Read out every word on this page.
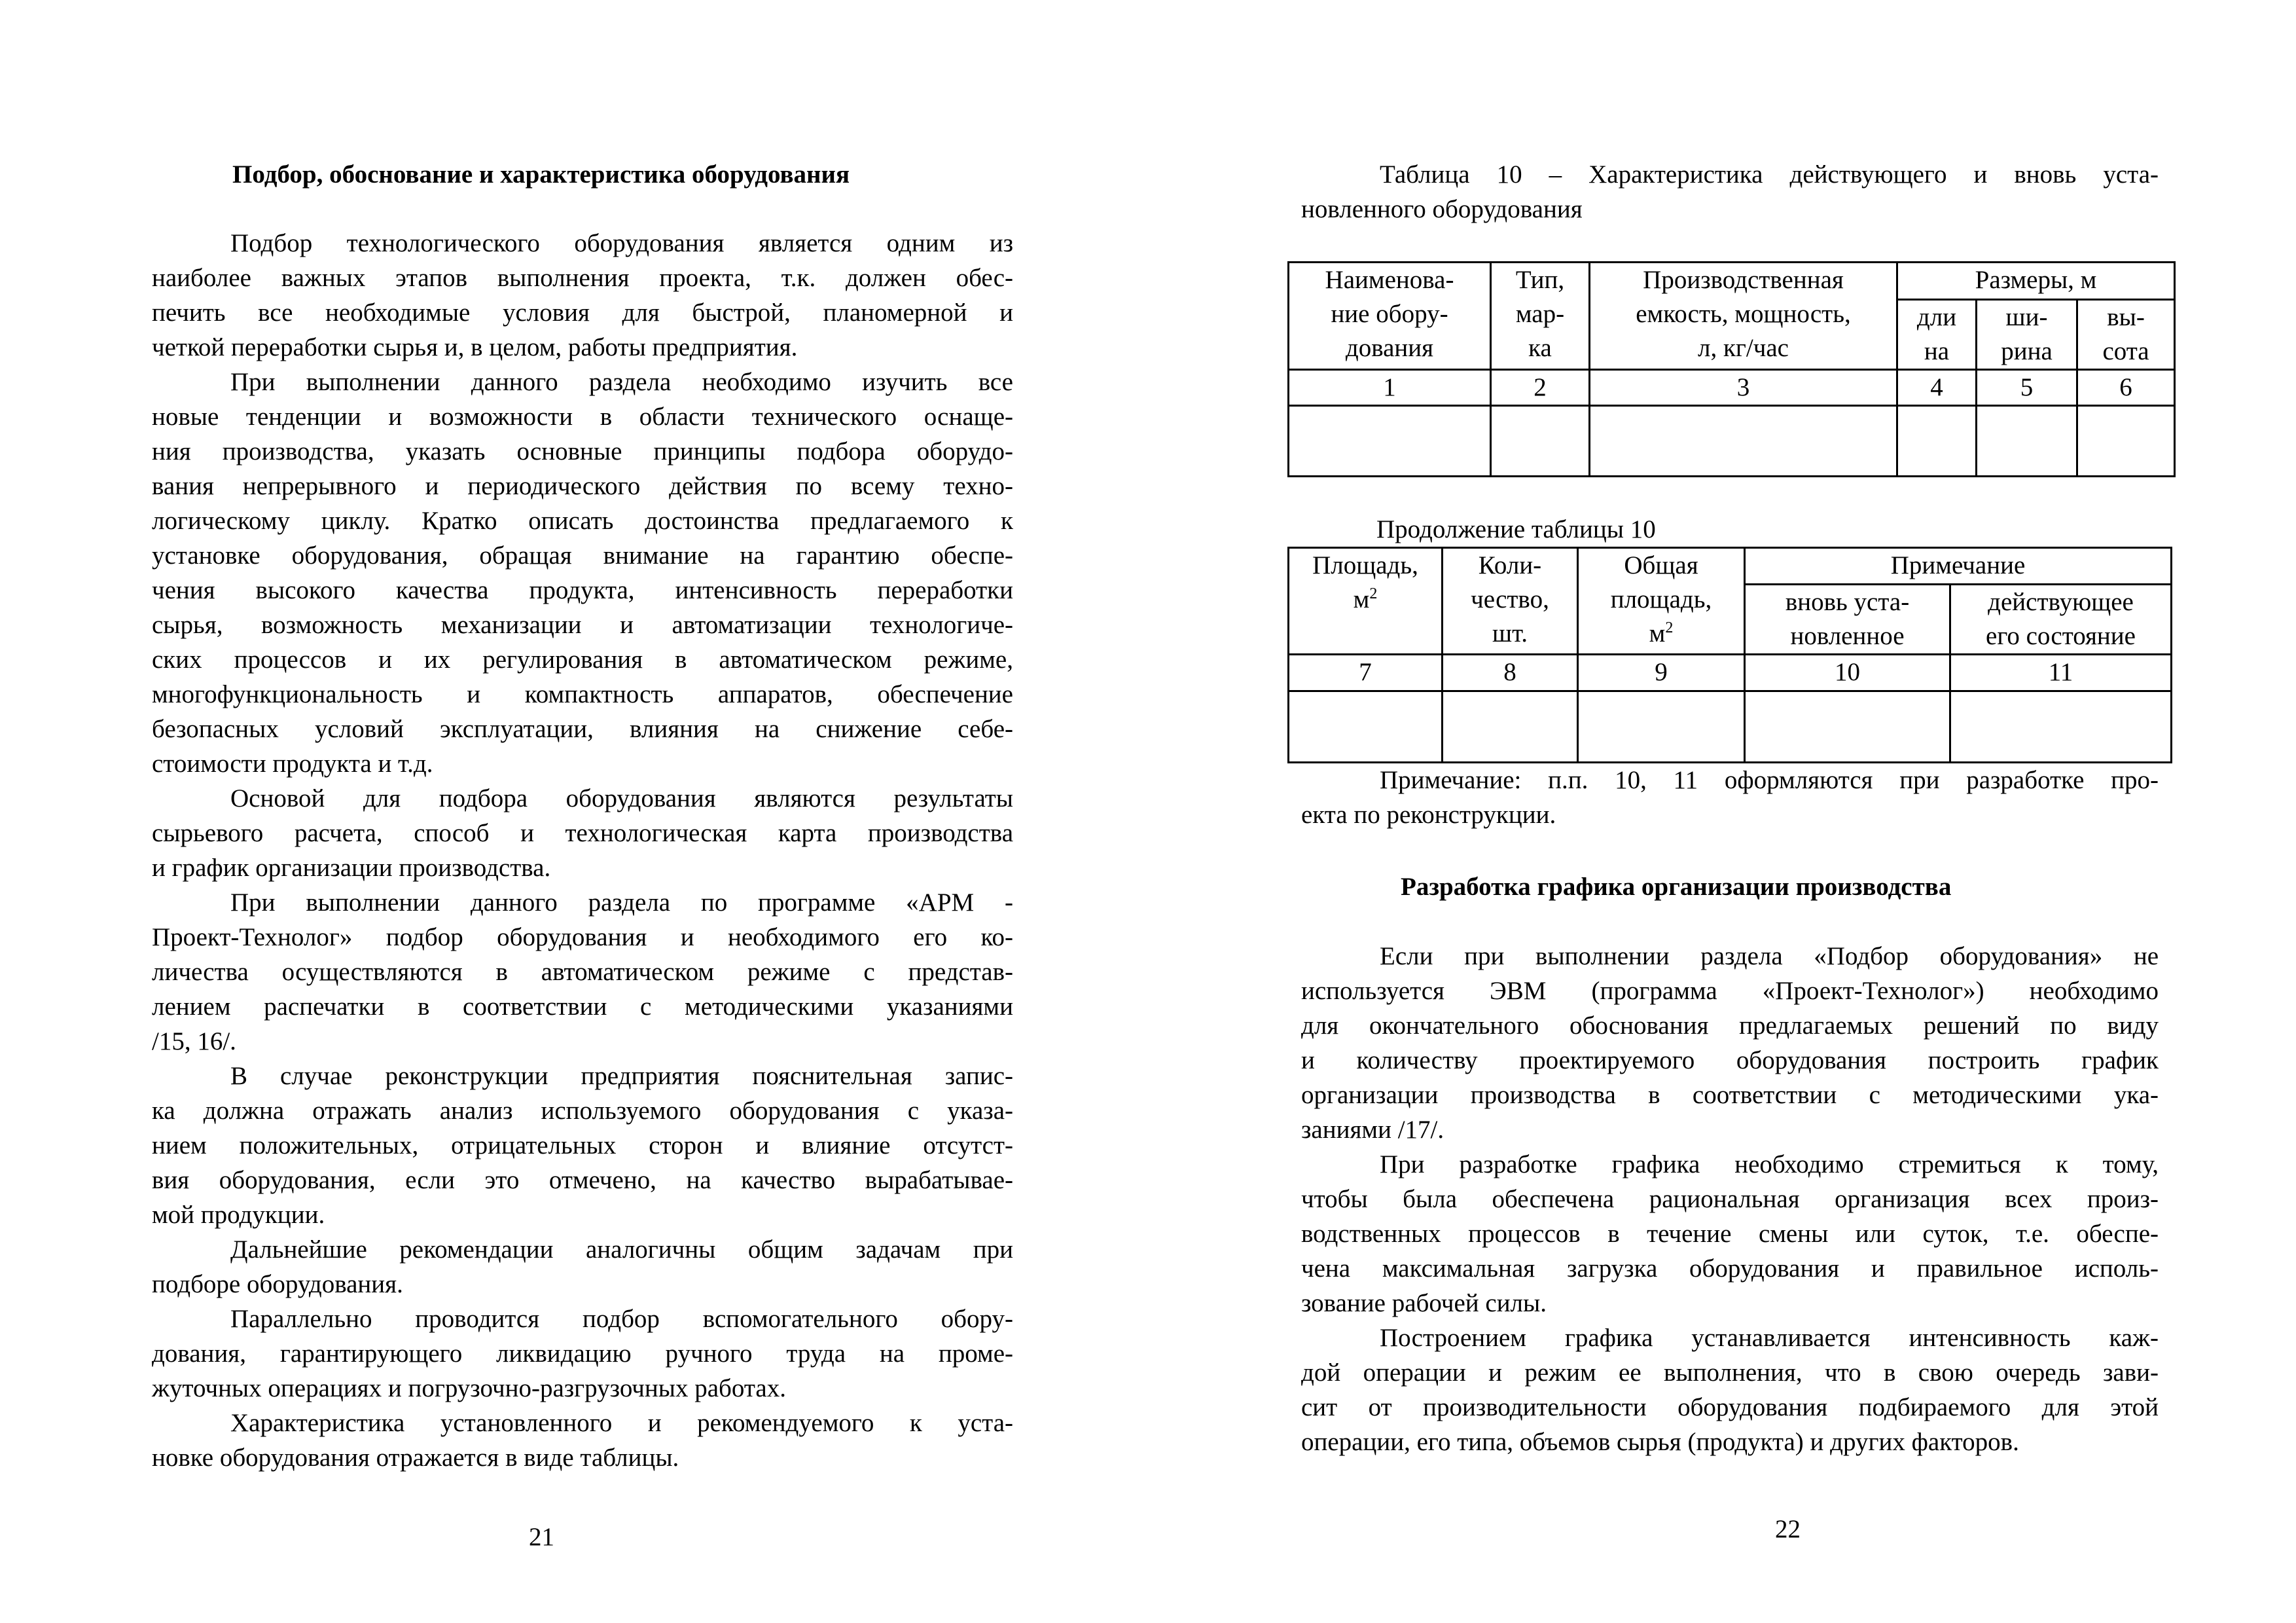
Подбор, обоснование и характеристика оборудования
Подбор технологического оборудования является одним из
наиболее важных этапов выполнения проекта, т.к. должен обес-
печить все необходимые условия для быстрой, планомерной и
четкой переработки сырья и, в целом, работы предприятия.
При выполнении данного раздела необходимо изучить все
новые тенденции и возможности в области технического оснаще-
ния производства, указать основные принципы подбора оборудо-
вания непрерывного и периодического действия по всему техно-
логическому циклу. Кратко описать достоинства предлагаемого к
установке оборудования, обращая внимание на гарантию обеспе-
чения высокого качества продукта, интенсивность переработки
сырья, возможность механизации и автоматизации технологиче-
ских процессов и их регулирования в автоматическом режиме,
многофункциональность и компактность аппаратов, обеспечение
безопасных условий эксплуатации, влияния на снижение себе-
стоимости продукта и т.д.
Основой для подбора оборудования являются результаты
сырьевого расчета, способ и технологическая карта производства
и график организации производства.
При выполнении данного раздела по программе «АРМ -
Проект-Технолог» подбор оборудования и необходимого его ко-
личества осуществляются в автоматическом режиме с представ-
лением распечатки в соответствии с методическими указаниями
/15, 16/.
В случае реконструкции предприятия пояснительная запис-
ка должна отражать анализ используемого оборудования с указа-
нием положительных, отрицательных сторон и влияние отсутст-
вия оборудования, если это отмечено, на качество вырабатывае-
мой продукции.
Дальнейшие рекомендации аналогичны общим задачам при
подборе оборудования.
Параллельно проводится подбор вспомогательного обору-
дования, гарантирующего ликвидацию ручного труда на проме-
жуточных операциях и погрузочно-разгрузочных работах.
Характеристика установленного и рекомендуемого к уста-
новке оборудования отражается в виде таблицы.
21
Таблица 10 – Характеристика действующего и вновь уста-
новленного оборудования
Наименова-
ние обору-
дования	Тип,
мар-
ка	Производственная
емкость, мощность,
л, кг/час	Размеры, м		
			дли
на	ши-
рина	вы-
сота
1	2	3	4	5	6

Продолжение таблицы 10
Площадь,
$м^2$	Коли-
чество,
шт.	Общая
площадь,
$м^2$	Примечание	
			вновь уста-
новленное	действующее
его состояние
7	8	9	10	11

Примечание: п.п. 10, 11 оформляются при разработке про-
екта по реконструкции.
Разработка графика организации производства
Если при выполнении раздела «Подбор оборудования» не
используется ЭВМ (программа «Проект-Технолог») необходимо
для окончательного обоснования предлагаемых решений по виду
и количеству проектируемого оборудования построить график
организации производства в соответствии с методическими ука-
заниями /17/.
При разработке графика необходимо стремиться к тому,
чтобы была обеспечена рациональная организация всех произ-
водственных процессов в течение смены или суток, т.е. обеспе-
чена максимальная загрузка оборудования и правильное исполь-
зование рабочей силы.
Построением графика устанавливается интенсивность каж-
дой операции и режим ее выполнения, что в свою очередь зави-
сит от производительности оборудования подбираемого для этой
операции, его типа, объемов сырья (продукта) и других факторов.
22
